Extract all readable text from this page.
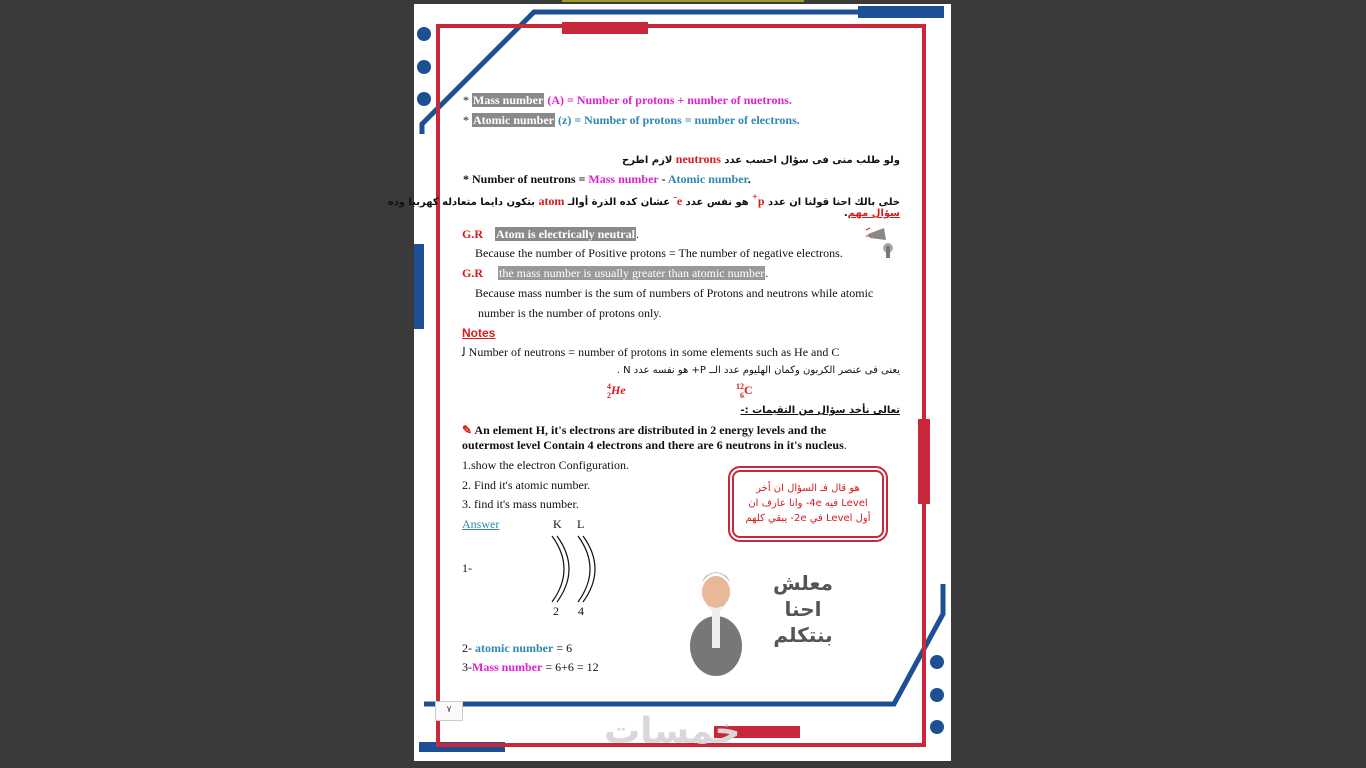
* Mass number (A) = Number of protons + number of nuetrons.
* Atomic number (z) = Number of protons = number of electrons.
ولو طلب منى فى سؤال احسب عدد neutrons لازم اطرح
* Number of neutrons = Mass number - Atomic number.
خلى بالك احنا قولنا ان عدد p+ هو نفس عدد e- عشان كده الذرة أوالـ atom بتكون دايما متعادله كهربيا وده
سؤال مهم.
G.R Atom is electrically neutral.
Because the number of Positive protons = The number of negative electrons.
G.R the mass number is usually greater than atomic number.
Because mass number is the sum of numbers of Protons and neutrons while atomic
number is the number of protons only.
Notes
ﻟ Number of neutrons = number of protons in some elements such as He and C
يعنى فى عنصر الكربون وكمان الهليوم عدد الــ P+ هو نفسه عدد N .
4
2He	12
6C
تعالى نأخد سؤال من التقيمات :-
✎ An element H, it's electrons are distributed in 2 energy levels and the
outermost level Contain 4 electrons and there are 6 neutrons in it's nucleus.
1.show the electron Configuration.
2. Find it's atomic number.
3. find it's mass number.
Answer	K L
1-
2 4
2- atomic number = 6
3-Mass number = 6+6 = 12
هو قال فـ السؤال ان أخر
Level فيه 4e- وانا عارف ان
أول Level في 2e- يبقي كلهم
معلش
احنا
بنتكلم
خمسات
٧
